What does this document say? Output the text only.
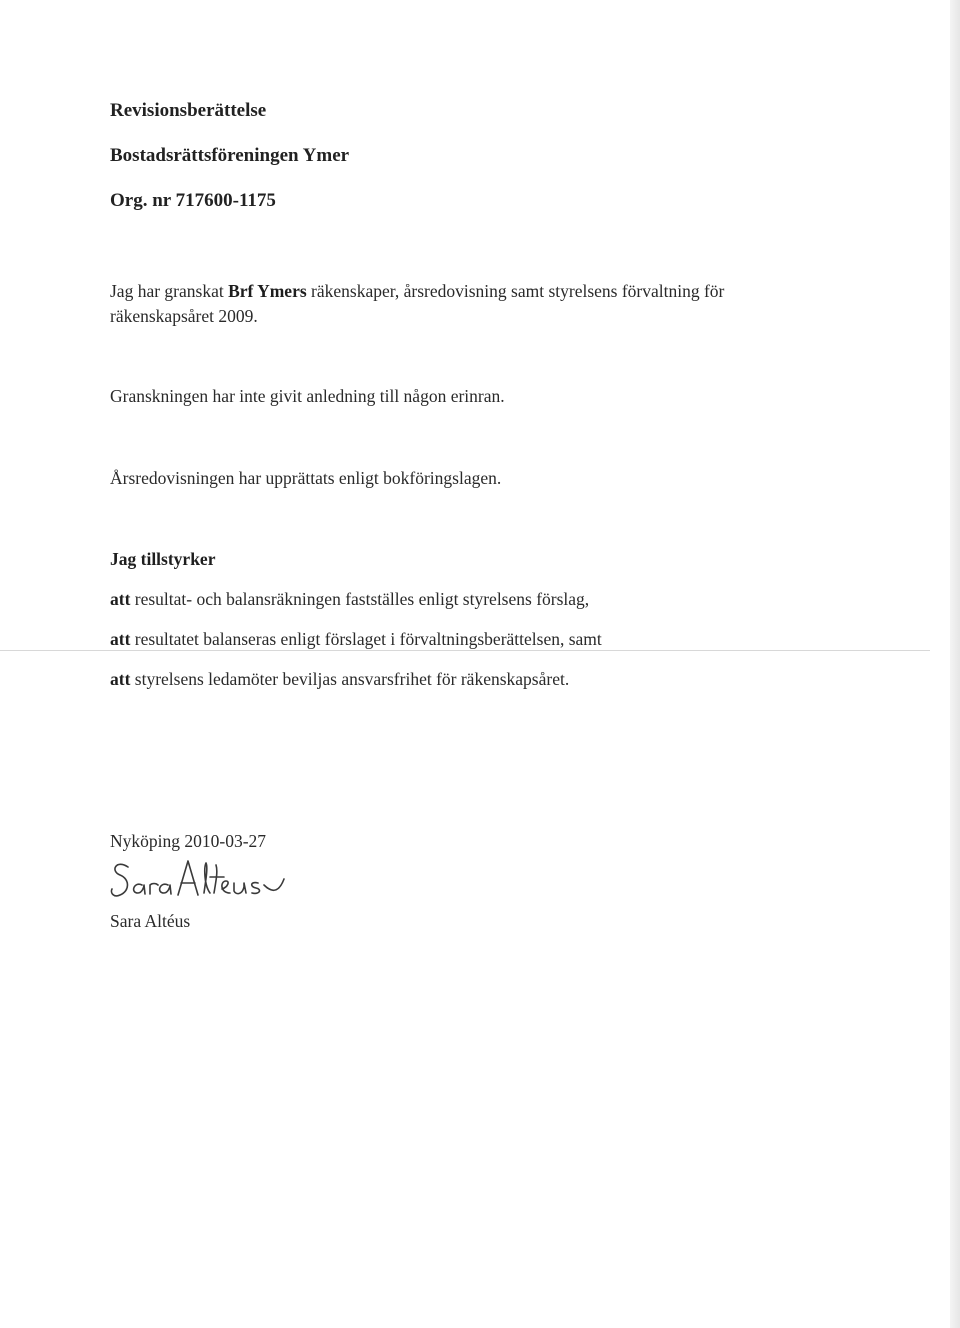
Revisionsberättelse
Bostadsrättsföreningen Ymer
Org. nr 717600-1175
Jag har granskat Brf Ymers räkenskaper, årsredovisning samt styrelsens förvaltning för
räkenskapsåret 2009.
Granskningen har inte givit anledning till någon erinran.
Årsredovisningen har upprättats enligt bokföringslagen.
Jag tillstyrker
att resultat- och balansräkningen fastställes enligt styrelsens förslag,
att resultatet balanseras enligt förslaget i förvaltningsberättelsen, samt
att styrelsens ledamöter beviljas ansvarsfrihet för räkenskapsåret.
Nyköping 2010-03-27
Sara Altéus
